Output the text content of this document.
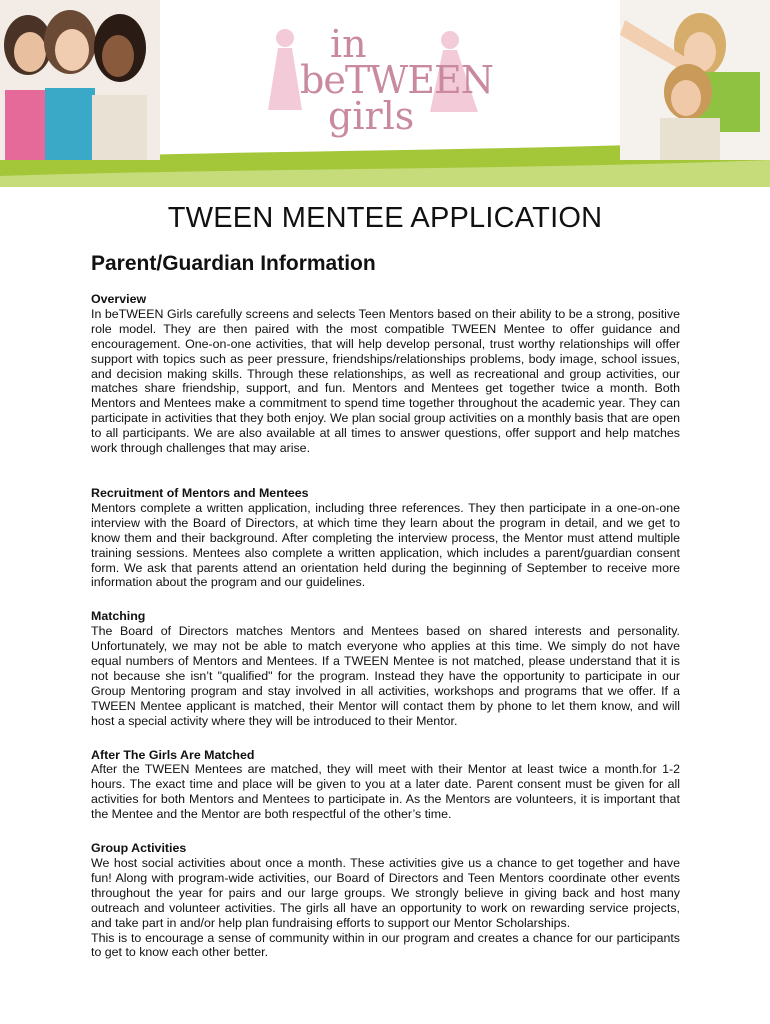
in
beTWEEN
girls
TWEEN MENTEE APPLICATION
Parent/Guardian Information
Overview

In beTWEEN Girls carefully screens and selects Teen Mentors based on their ability to be a strong, positive role model. They are then paired with the most compatible TWEEN Mentee to offer guidance and encouragement. One-on-one activities, that will help develop personal, trust worthy relationships will offer support with topics such as peer pressure, friendships/relationships problems, body image, school issues, and decision making skills. Through these relationships, as well as recreational and group activities, our matches share friendship, support, and fun. Mentors and Mentees get together twice a month. Both Mentors and Mentees make a commitment to spend time together throughout the academic year. They can participate in activities that they both enjoy. We plan social group activities on a monthly basis that are open to all participants. We are also available at all times to answer questions, offer support and help matches work through challenges that may arise.

Recruitment of Mentors and Mentees

Mentors complete a written application, including three references. They then participate in a one-on-one interview with the Board of Directors, at which time they learn about the program in detail, and we get to know them and their background. After completing the interview process, the Mentor must attend multiple training sessions. Mentees also complete a written application, which includes a parent/guardian consent form. We ask that parents attend an orientation held during the beginning of September to receive more information about the program and our guidelines.

Matching

The Board of Directors matches Mentors and Mentees based on shared interests and personality. Unfortunately, we may not be able to match everyone who applies at this time. We simply do not have equal numbers of Mentors and Mentees. If a TWEEN Mentee is not matched, please understand that it is not because she isn’t "qualified" for the program. Instead they have the opportunity to participate in our Group Mentoring program and stay involved in all activities, workshops and programs that we offer. If a TWEEN Mentee applicant is matched, their Mentor will contact them by phone to let them know, and will host a special activity where they will be introduced to their Mentor.

After The Girls Are Matched

After the TWEEN Mentees are matched, they will meet with their Mentor at least twice a month.for 1-2 hours. The exact time and place will be given to you at a later date. Parent consent must be given for all activities for both Mentors and Mentees to participate in. As the Mentors are volunteers, it is important that the Mentee and the Mentor are both respectful of the other’s time.

Group Activities

We host social activities about once a month. These activities give us a chance to get together and have fun! Along with program-wide activities, our Board of Directors and Teen Mentors coordinate other events throughout the year for pairs and our large groups. We strongly believe in giving back and host many outreach and volunteer activities. The girls all have an opportunity to work on rewarding service projects, and take part in and/or help plan fundraising efforts to support our Mentor Scholarships.

This is to encourage a sense of community within in our program and creates a chance for our participants to get to know each other better.
